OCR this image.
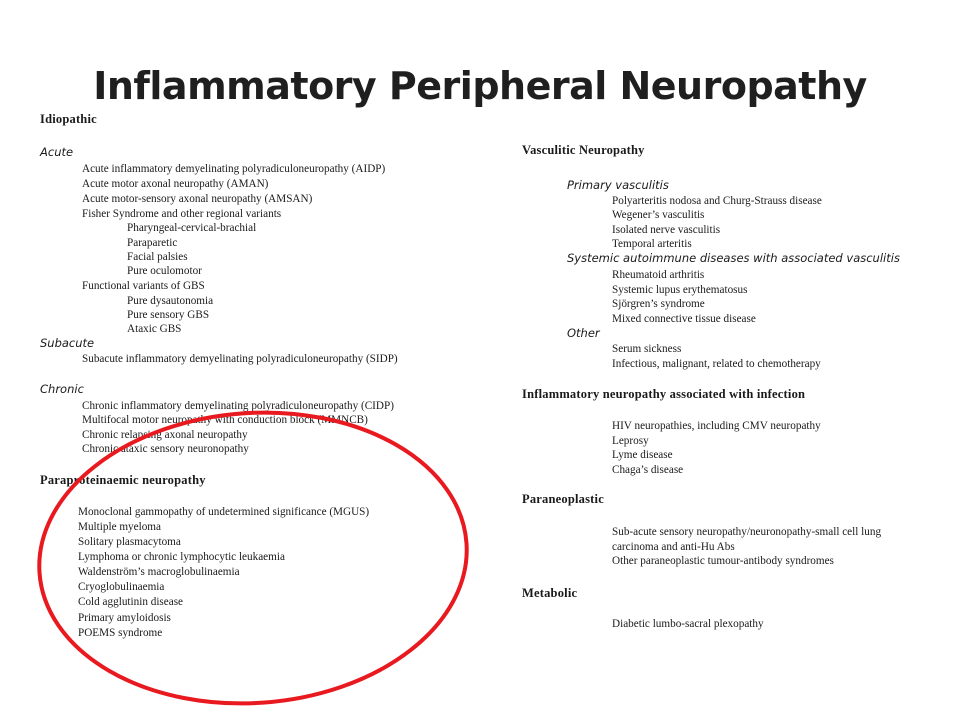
Inflammatory Peripheral Neuropathy
Idiopathic
Acute
Acute inflammatory demyelinating polyradiculoneuropathy (AIDP)
Acute motor axonal neuropathy (AMAN)
Acute motor-sensory axonal neuropathy (AMSAN)
Fisher Syndrome and other regional variants
Pharyngeal-cervical-brachial
Paraparetic
Facial palsies
Pure oculomotor
Functional variants of GBS
Pure dysautonomia
Pure sensory GBS
Ataxic GBS
Subacute
Subacute inflammatory demyelinating polyradiculoneuropathy (SIDP)
Chronic
Chronic inflammatory demyelinating polyradiculoneuropathy (CIDP)
Multifocal motor neuropathy with conduction block (MMNCB)
Chronic relapsing axonal neuropathy
Chronic ataxic sensory neuronopathy
Paraproteinaemic neuropathy
Monoclonal gammopathy of undetermined significance (MGUS)
Multiple myeloma
Solitary plasmacytoma
Lymphoma or chronic lymphocytic leukaemia
Waldenström’s macroglobulinaemia
Cryoglobulinaemia
Cold agglutinin disease
Primary amyloidosis
POEMS syndrome
Vasculitic Neuropathy
Primary vasculitis
Polyarteritis nodosa and Churg-Strauss disease
Wegener’s vasculitis
Isolated nerve vasculitis
Temporal arteritis
Systemic autoimmune diseases with associated vasculitis
Rheumatoid arthritis
Systemic lupus erythematosus
Sjörgren’s syndrome
Mixed connective tissue disease
Other
Serum sickness
Infectious, malignant, related to chemotherapy
Inflammatory neuropathy associated with infection
HIV neuropathies, including CMV neuropathy
Leprosy
Lyme disease
Chaga’s disease
Paraneoplastic
Sub-acute sensory neuropathy/neuronopathy-small cell lung
carcinoma and anti-Hu Abs
Other paraneoplastic tumour-antibody syndromes
Metabolic
Diabetic lumbo-sacral plexopathy
